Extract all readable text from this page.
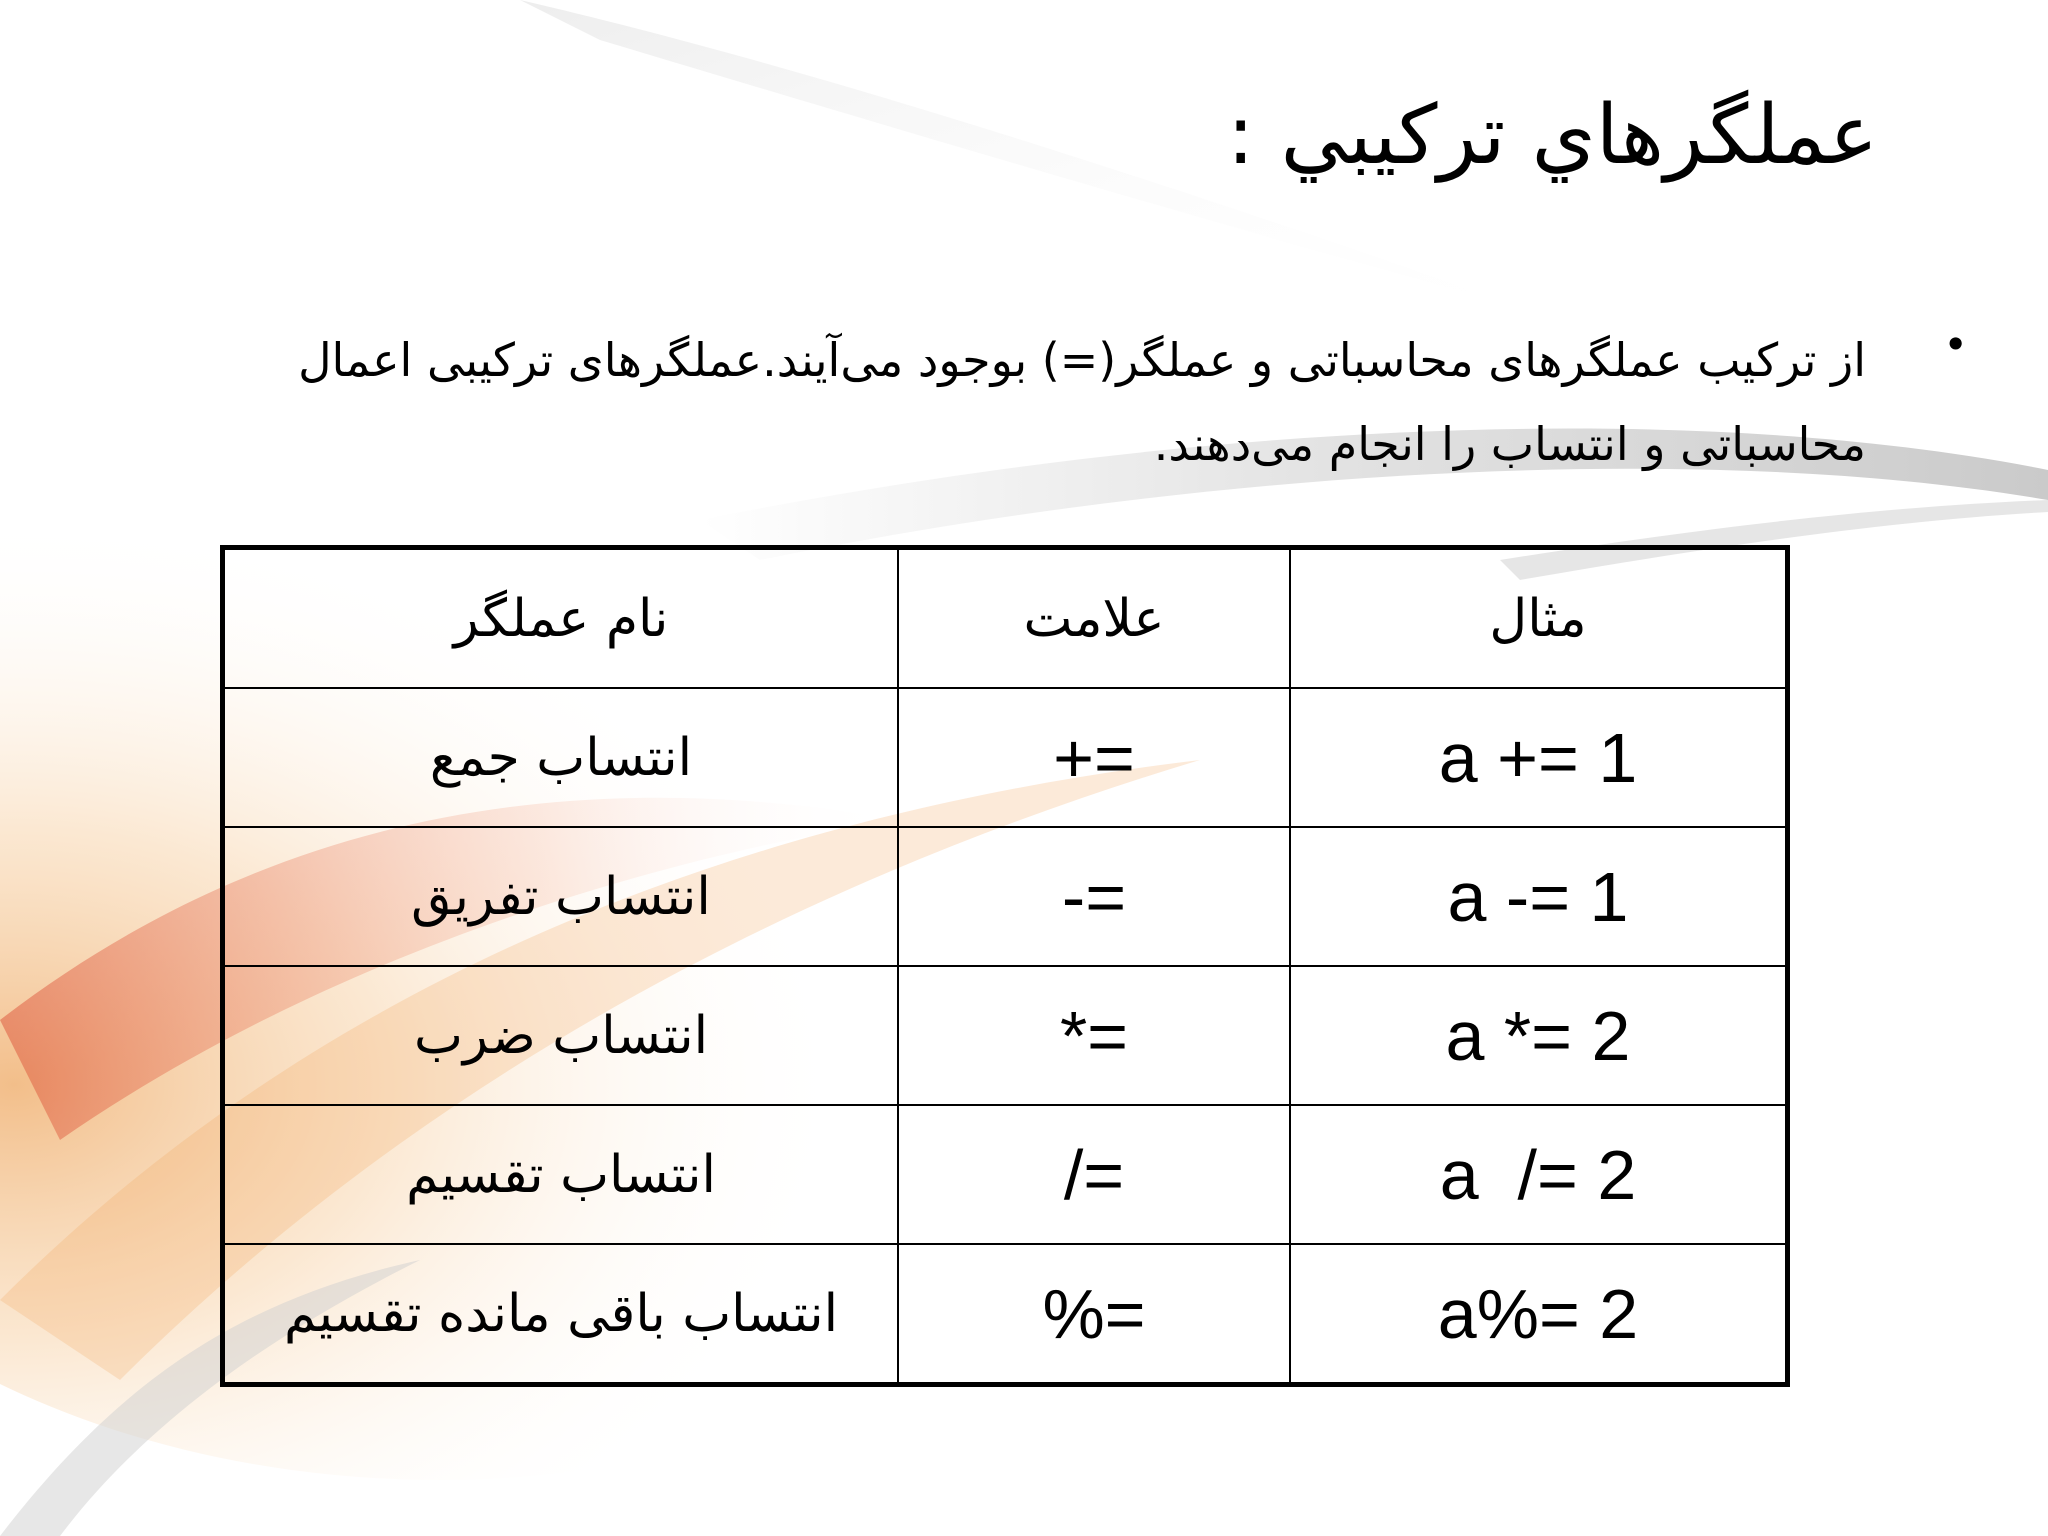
عملگرهاي تركيبي :
•
از ترکیب عملگرهای محاسباتی و عملگر(=) بوجود می‌آیند.عملگرهای ترکیبی اعمال محاسباتی و انتساب را انجام می‌دهند.
مثال	علامت	نام عملگر
a += 1	+=	انتساب جمع
a -= 1	-=	انتساب تفریق
a *= 2	*=	انتساب ضرب
a  /= 2	/=	انتساب تقسیم
a%= 2	%=	انتساب باقی مانده تقسیم
